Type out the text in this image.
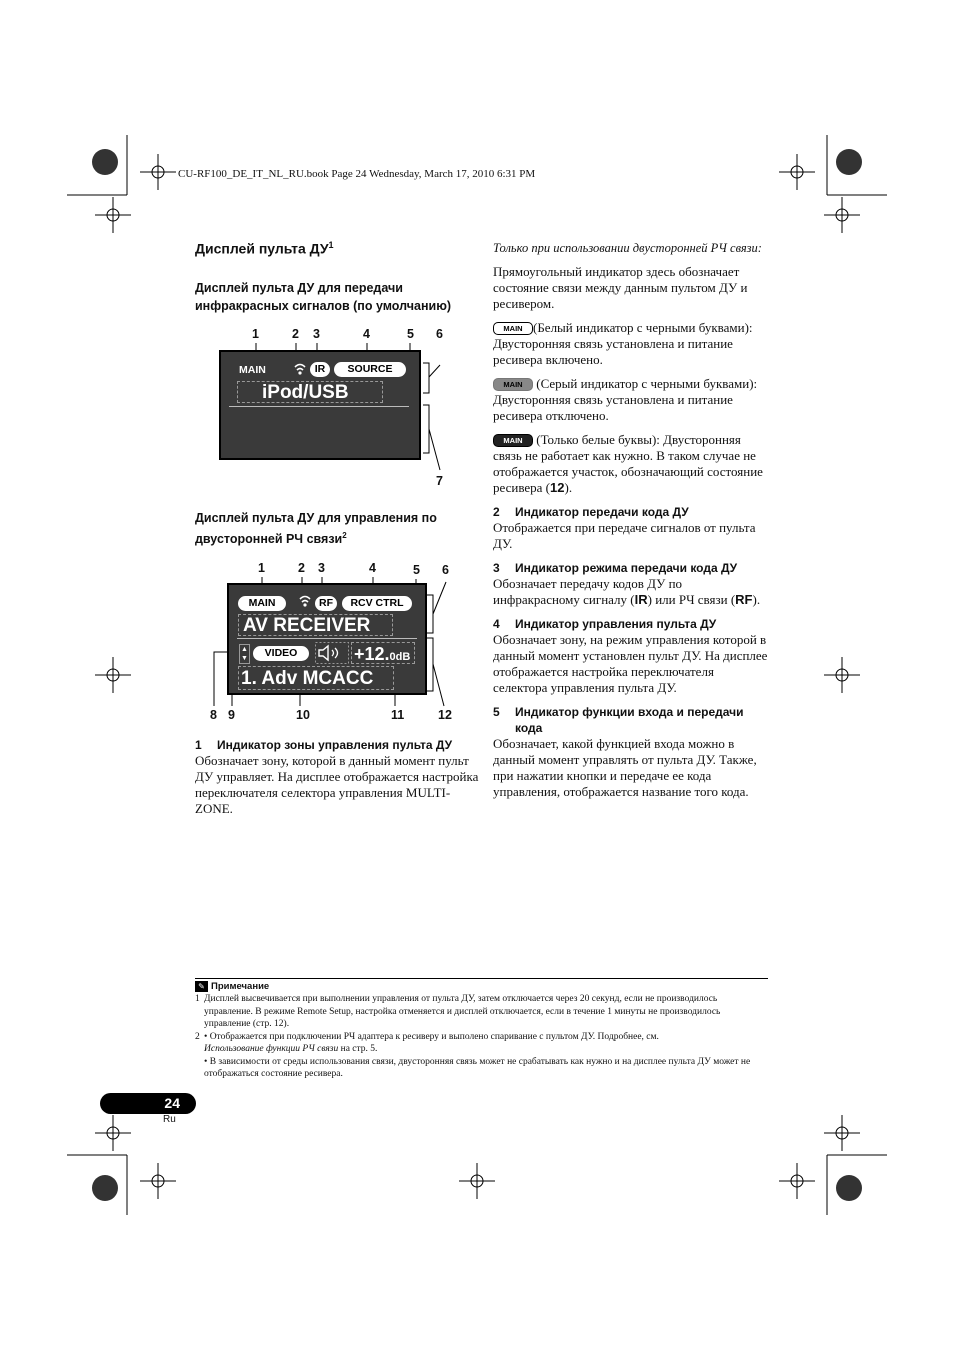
CU-RF100_DE_IT_NL_RU.book Page 24 Wednesday, March 17, 2010 6:31 PM
Дисплей пульта $ДУ^1$
Дисплей пульта ДУ для передачи инфракрасных сигналов (по умолчанию)
1	2 3	4	5 6
7
MAIN	IR	SOURCE
iPod/USB
Дисплей пульта ДУ для управления по двусторонней РЧ связи$^2$
1	2 3	4	5 6
8 9	10	11	12
MAIN	RF	RCV CTRL
AV RECEIVER
▲
▼	VIDEO	+12.0dB
1. Adv MCACC
1 Индикатор зоны управления пульта ДУ
Обозначает зону, которой в данный момент пульт ДУ управляет. На дисплее отображается настройка переключателя селектора управления MULTI-ZONE.
Только при использовании двусторонней РЧ связи:
Прямоугольный индикатор здесь обозначает состояние связи между данным пультом ДУ и ресивером.
MAIN (Белый индикатор с черными буквами): Двусторонняя связь установлена и питание ресивера включено.
MAIN (Серый индикатор с черными буквами): Двусторонняя связь установлена и питание ресивера отключено.
MAIN (Только белые буквы): Двусторонняя связь не работает как нужно. В таком случае не отображается участок, обозначающий состояние ресивера (12).
2 Индикатор передачи кода ДУ
Отображается при передаче сигналов от пульта ДУ.
3 Индикатор режима передачи кода ДУ
Обозначает передачу кодов ДУ по инфракрасному сигналу (IR) или РЧ связи (RF).
4 Индикатор управления пульта ДУ
Обозначает зону, на режим управления которой в данный момент установлен пульт ДУ. На дисплее отображается настройка переключателя селектора управления пульта ДУ.
5	Индикатор функции входа и передачи кода
Обозначает, какой функцией входа можно в данный момент управлять от пульта ДУ. Также, при нажатии кнопки и передаче ее кода управления, отображается название того кода.
✎ Примечание
1 Дисплей высвечивается при выполнении управления от пульта ДУ, затем отключается через 20 секунд, если не производилось управление. В режиме Remote Setup, настройка отменяется и дисплей отключается, если в течение 1 минуты не производилось управление (стр. 12).
2 • Отображается при подключении РЧ адаптера к ресиверу и выполено спаривание с пультом ДУ. Подробнее, см.
Использование функции РЧ связи на стр. 5.
• В зависимости от среды использования связи, двусторонняя связь может не срабатывать как нужно и на дисплее пульта ДУ может не отображаться состояние ресивера.
24
Ru
